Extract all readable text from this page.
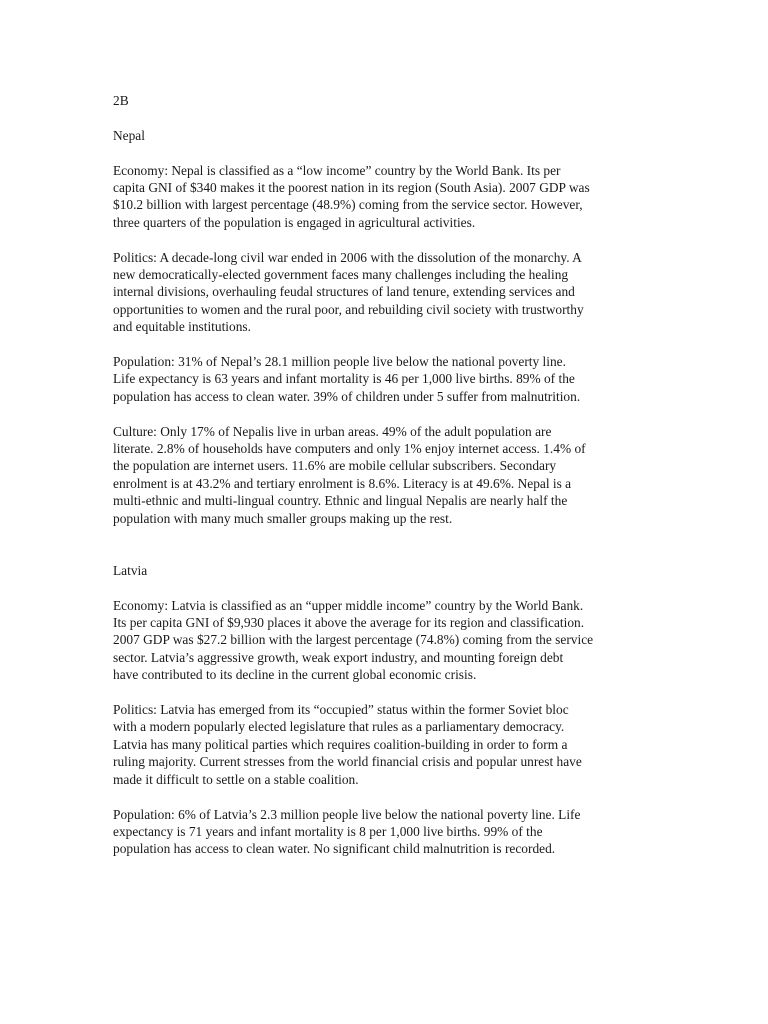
2B

Nepal

Economy: Nepal is classified as a “low income” country by the World Bank. Its per

capita GNI of $340 makes it the poorest nation in its region (South Asia). 2007 GDP was

$10.2 billion with largest percentage (48.9%) coming from the service sector. However,

three quarters of the population is engaged in agricultural activities.

Politics: A decade-long civil war ended in 2006 with the dissolution of the monarchy. A

new democratically-elected government faces many challenges including the healing

internal divisions, overhauling feudal structures of land tenure, extending services and

opportunities to women and the rural poor, and rebuilding civil society with trustworthy

and equitable institutions.

Population: 31% of Nepal’s 28.1 million people live below the national poverty line.

Life expectancy is 63 years and infant mortality is 46 per 1,000 live births. 89% of the

population has access to clean water. 39% of children under 5 suffer from malnutrition.

Culture: Only 17% of Nepalis live in urban areas. 49% of the adult population are

literate. 2.8% of households have computers and only 1% enjoy internet access. 1.4% of

the population are internet users. 11.6% are mobile cellular subscribers. Secondary

enrolment is at 43.2% and tertiary enrolment is 8.6%. Literacy is at 49.6%. Nepal is a

multi-ethnic and multi-lingual country. Ethnic and lingual Nepalis are nearly half the

population with many much smaller groups making up the rest.

Latvia

Economy: Latvia is classified as an “upper middle income” country by the World Bank.

Its per capita GNI of $9,930 places it above the average for its region and classification.

2007 GDP was $27.2 billion with the largest percentage (74.8%) coming from the service

sector. Latvia’s aggressive growth, weak export industry, and mounting foreign debt

have contributed to its decline in the current global economic crisis.

Politics: Latvia has emerged from its “occupied” status within the former Soviet bloc

with a modern popularly elected legislature that rules as a parliamentary democracy.

Latvia has many political parties which requires coalition-building in order to form a

ruling majority. Current stresses from the world financial crisis and popular unrest have

made it difficult to settle on a stable coalition.

Population: 6% of Latvia’s 2.3 million people live below the national poverty line. Life

expectancy is 71 years and infant mortality is 8 per 1,000 live births. 99% of the

population has access to clean water. No significant child malnutrition is recorded.
